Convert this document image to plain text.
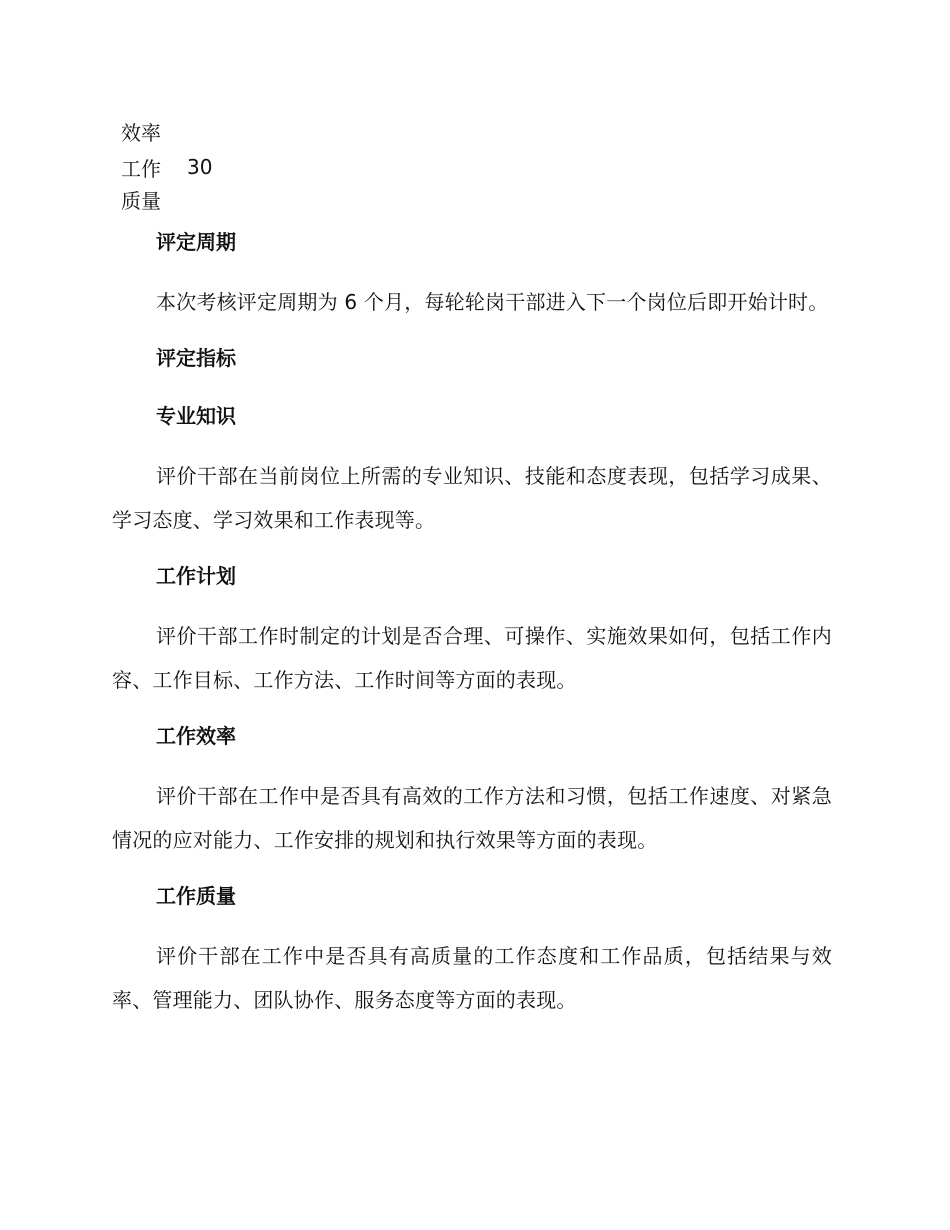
效率
工作
质量
30
评定周期

本次考核评定周期为 6 个月，每轮轮岗干部进入下一个岗位后即开始计时。

评定指标
专业知识

评价干部在当前岗位上所需的专业知识、技能和态度表现，包括学习成果、学习态度、学习效果和工作表现等。

工作计划

评价干部工作时制定的计划是否合理、可操作、实施效果如何，包括工作内容、工作目标、工作方法、工作时间等方面的表现。

工作效率

评价干部在工作中是否具有高效的工作方法和习惯，包括工作速度、对紧急情况的应对能力、工作安排的规划和执行效果等方面的表现。

工作质量

评价干部在工作中是否具有高质量的工作态度和工作品质，包括结果与效率、管理能力、团队协作、服务态度等方面的表现。
